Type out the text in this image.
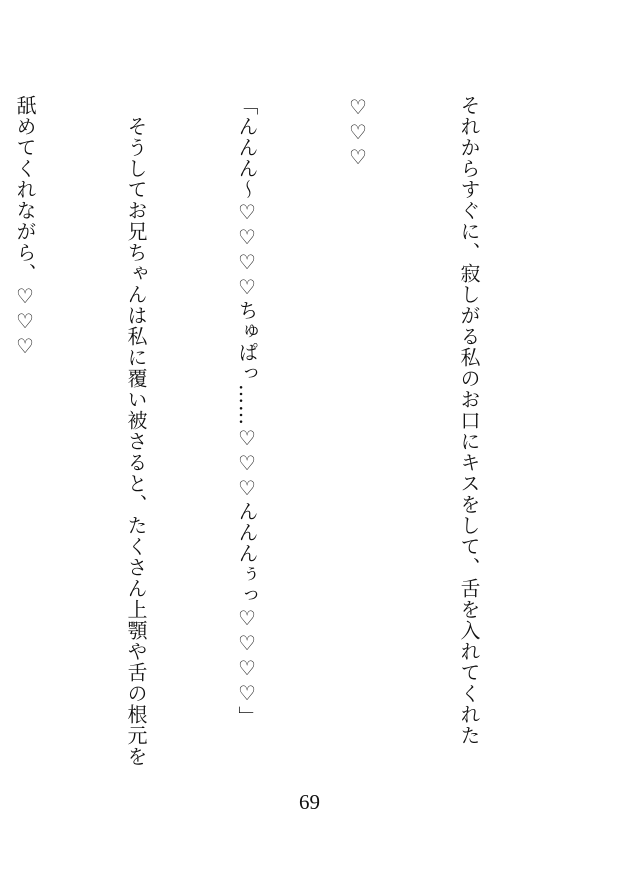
それからすぐに、寂しがる私のお口にキスをして、舌を入れてくれた

♡♡♡

「んんん～♡♡♡♡ちゅぱっ……♡♡♡んんんぅっ♡♡♡♡」

　そうしてお兄ちゃんは私に覆い被さると、たくさん上顎や舌の根元を

舐めてくれながら、♡♡♡

69
